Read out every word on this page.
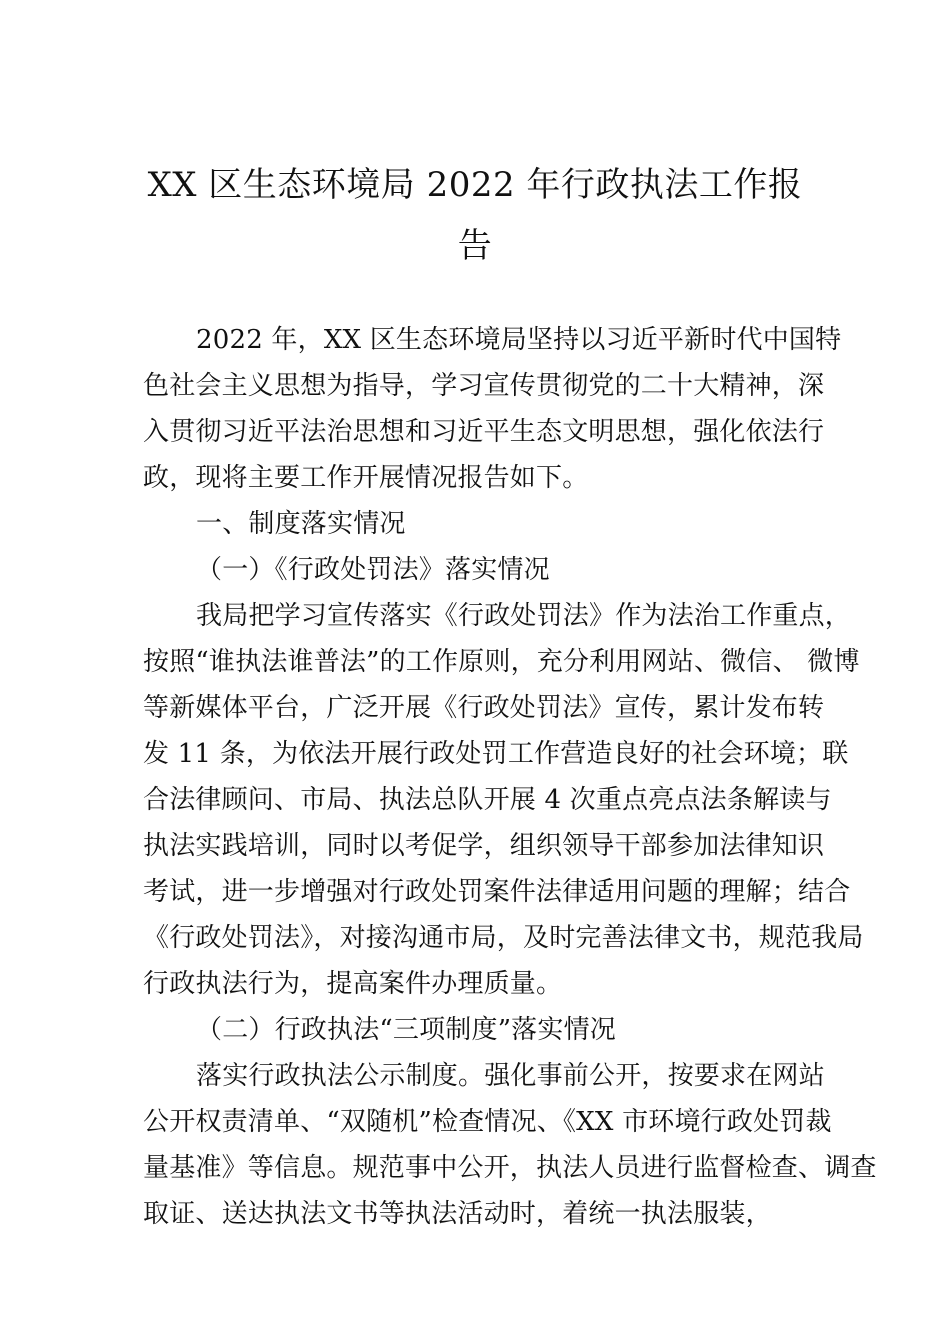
XX 区生态环境局 2022 年行政执法工作报
告
2022 年，XX 区生态环境局坚持以习近平新时代中国特
色社会主义思想为指导，学习宣传贯彻党的二十大精神，深
入贯彻习近平法治思想和习近平生态文明思想，强化依法行
政，现将主要工作开展情况报告如下。
一、制度落实情况
（一）《行政处罚法》落实情况
我局把学习宣传落实《行政处罚法》作为法治工作重点，
按照“谁执法谁普法”的工作原则，充分利用网站、微信、 微博
等新媒体平台，广泛开展《行政处罚法》宣传，累计发布转
发 11 条，为依法开展行政处罚工作营造良好的社会环境；联
合法律顾问、市局、执法总队开展 4 次重点亮点法条解读与
执法实践培训，同时以考促学，组织领导干部参加法律知识
考试，进一步增强对行政处罚案件法律适用问题的理解；结合
《行政处罚法》，对接沟通市局，及时完善法律文书，规范我局
行政执法行为，提高案件办理质量。
（二）行政执法“三项制度”落实情况
落实行政执法公示制度。强化事前公开，按要求在网站
公开权责清单、“双随机”检查情况、《XX 市环境行政处罚裁
量基准》等信息。规范事中公开，执法人员进行监督检查、调查
取证、送达执法文书等执法活动时，着统一执法服装，
